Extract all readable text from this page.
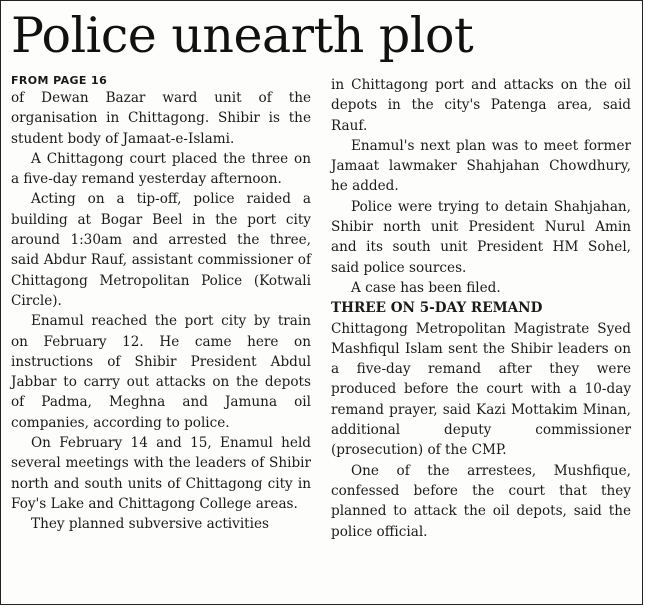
Police unearth plot
FROM PAGE 16

of Dewan Bazar ward unit of the organisation in Chittagong. Shibir is the student body of Jamaat-e-Islami.

A Chittagong court placed the three on a five-day remand yesterday afternoon.

Acting on a tip-off, police raided a building at Bogar Beel in the port city around 1:30am and arrested the three, said Abdur Rauf, assistant commissioner of Chittagong Metropolitan Police (Kotwali Circle).

Enamul reached the port city by train on February 12. He came here on instructions of Shibir President Abdul Jabbar to carry out attacks on the depots of Padma, Meghna and Jamuna oil companies, according to police.

On February 14 and 15, Enamul held several meetings with the leaders of Shibir north and south units of Chittagong city in Foy's Lake and Chittagong College areas.

They planned subversive activities

in Chittagong port and attacks on the oil depots in the city's Patenga area, said Rauf.

Enamul's next plan was to meet former Jamaat lawmaker Shahjahan Chowdhury, he added.

Police were trying to detain Shahjahan, Shibir north unit President Nurul Amin and its south unit President HM Sohel, said police sources.

A case has been filed.

THREE ON 5-DAY REMAND

Chittagong Metropolitan Magistrate Syed Mashfiqul Islam sent the Shibir leaders on a five-day remand after they were produced before the court with a 10-day remand prayer, said Kazi Mottakim Minan, additional deputy commissioner (prosecution) of the CMP.

One of the arrestees, Mushfique, confessed before the court that they planned to attack the oil depots, said the police official.
